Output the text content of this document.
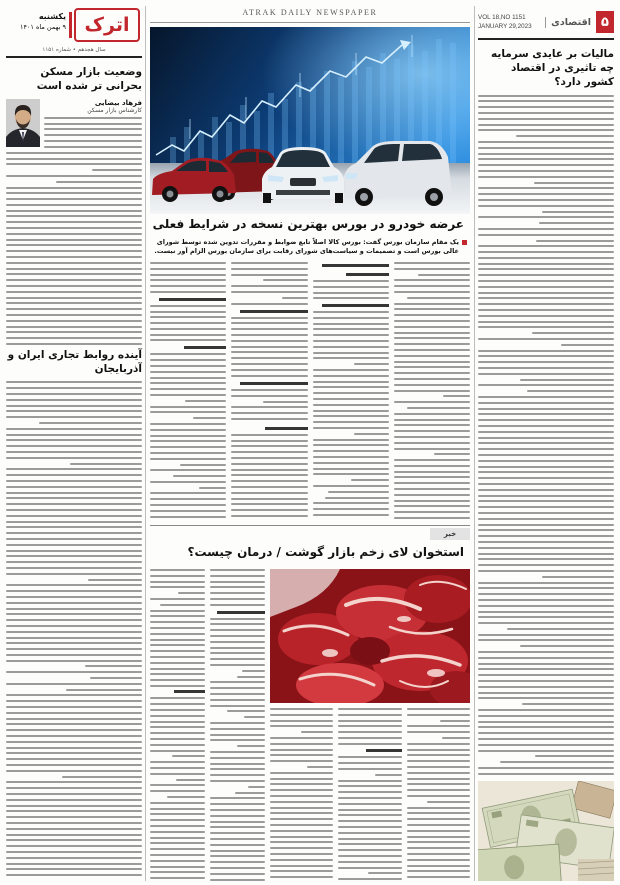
۵
اقتصادی
VOL 18,NO 1151
JANUARY 29,2023
مالیات بر عایدی سرمایه چه تاثیری در اقتصاد کشور دارد؟
اترک
یکشنبه
۹ بهمن ماه ۱۴۰۱
سال هجدهم • شماره ۱۱۵۱
وضعیت بازار مسکن بحرانی تر شده است
فرهاد بیضایی
کارشناس بازار مسکن
آینده روابط تجاری ایران و آذربایجان
ATRAK DAILY NEWSPAPER
عرضه خودرو در بورس بهترین نسخه در شرایط فعلی
یک مقام سازمان بورس گفت: بورس کالا اصلاً تابع ضوابط و مقررات تدوین شده توسط شورای عالی بورس است و تصمیمات و سیاست‌های شورای رقابت برای سازمان بورس الزام آور نیست.
خبر
استخوان لای زخم بازار گوشت / درمان چیست؟
